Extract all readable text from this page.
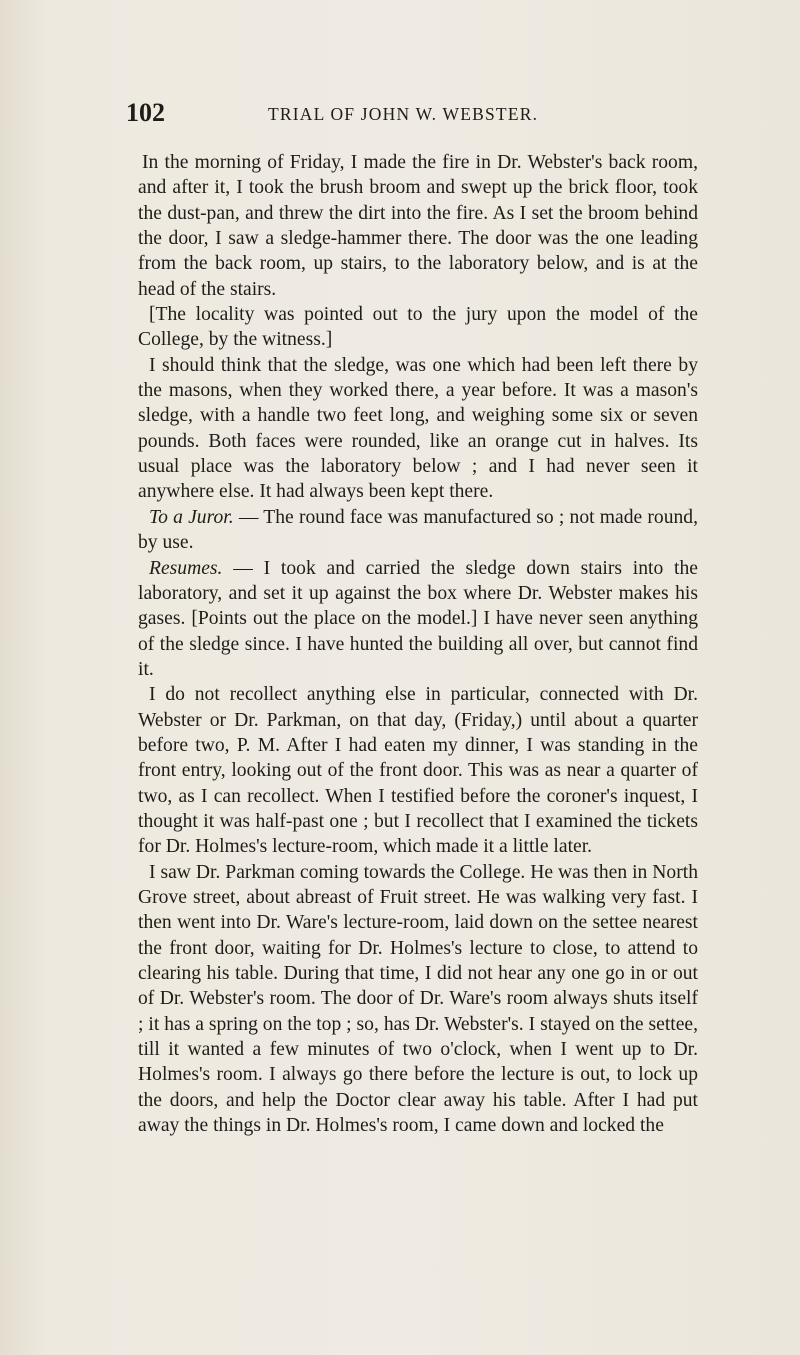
102	TRIAL OF JOHN W. WEBSTER.

In the morning of Friday, I made the fire in Dr. Webster's back room, and after it, I took the brush broom and swept up the brick floor, took the dust-pan, and threw the dirt into the fire. As I set the broom behind the door, I saw a sledge-hammer there. The door was the one leading from the back room, up stairs, to the laboratory below, and is at the head of the stairs.

[The locality was pointed out to the jury upon the model of the College, by the witness.]

I should think that the sledge, was one which had been left there by the masons, when they worked there, a year before. It was a mason's sledge, with a handle two feet long, and weighing some six or seven pounds. Both faces were rounded, like an orange cut in halves. Its usual place was the laboratory below ; and I had never seen it anywhere else. It had always been kept there.

To a Juror. — The round face was manufactured so ; not made round, by use.

Resumes. — I took and carried the sledge down stairs into the laboratory, and set it up against the box where Dr. Webster makes his gases. [Points out the place on the model.] I have never seen anything of the sledge since. I have hunted the building all over, but cannot find it.

I do not recollect anything else in particular, connected with Dr. Webster or Dr. Parkman, on that day, (Friday,) until about a quarter before two, P. M. After I had eaten my dinner, I was standing in the front entry, looking out of the front door. This was as near a quarter of two, as I can recollect. When I testified before the coroner's inquest, I thought it was half-past one ; but I recollect that I examined the tickets for Dr. Holmes's lecture-room, which made it a little later.

I saw Dr. Parkman coming towards the College. He was then in North Grove street, about abreast of Fruit street. He was walking very fast. I then went into Dr. Ware's lecture-room, laid down on the settee nearest the front door, waiting for Dr. Holmes's lecture to close, to attend to clearing his table. During that time, I did not hear any one go in or out of Dr. Webster's room. The door of Dr. Ware's room always shuts itself ; it has a spring on the top ; so, has Dr. Webster's. I stayed on the settee, till it wanted a few minutes of two o'clock, when I went up to Dr. Holmes's room. I always go there before the lecture is out, to lock up the doors, and help the Doctor clear away his table. After I had put away the things in Dr. Holmes's room, I came down and locked the
